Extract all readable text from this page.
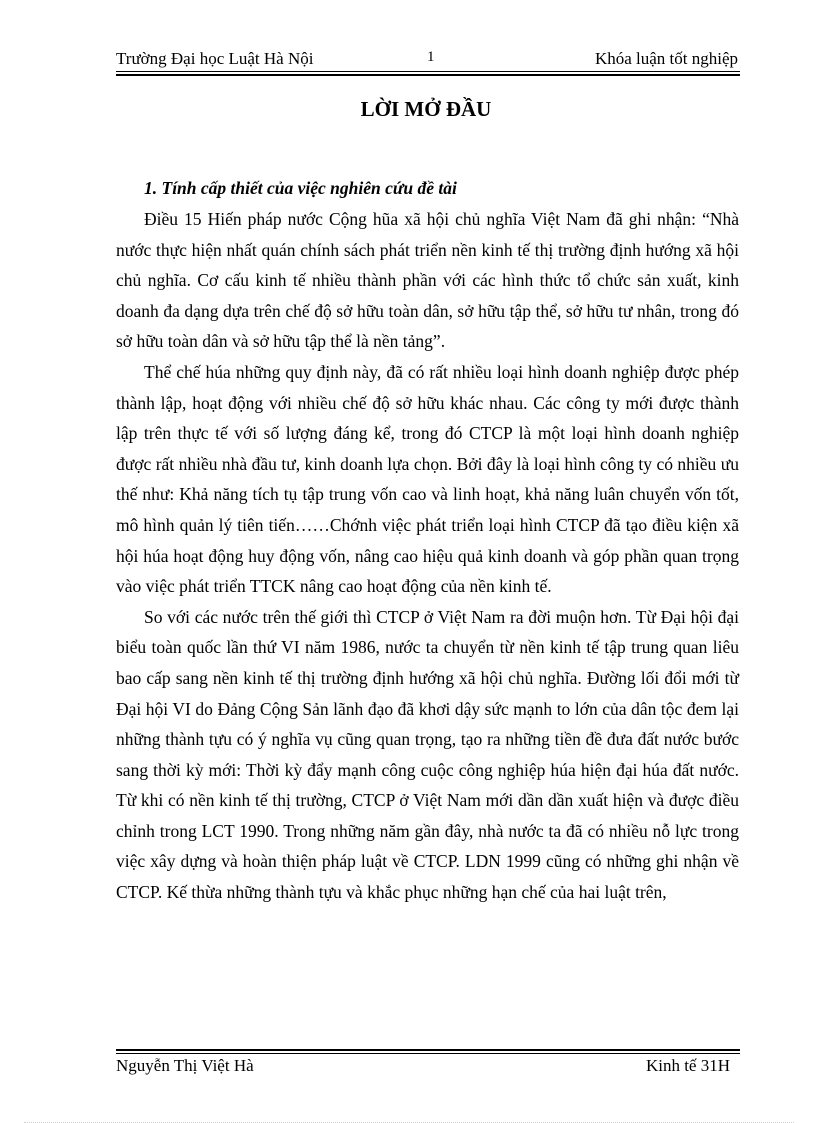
Trường Đại học Luật Hà Nội	1	Khóa luận tốt nghiệp
LỜI MỞ ĐẦU
1. Tính cấp thiết của việc nghiên cứu đề tài

Điều 15 Hiến pháp nước Cộng hũa xã hội chủ nghĩa Việt Nam đã ghi nhận: “Nhà nước thực hiện nhất quán chính sách phát triển nền kinh tế thị trường định hướng xã hội chủ nghĩa. Cơ cấu kinh tế nhiều thành phần với các hình thức tổ chức sản xuất, kinh doanh đa dạng dựa trên chế độ sở hữu toàn dân, sở hữu tập thể, sở hữu tư nhân, trong đó sở hữu toàn dân và sở hữu tập thể là nền tảng”.

Thể chế húa những quy định này, đã có rất nhiều loại hình doanh nghiệp được phép thành lập, hoạt động với nhiều chế độ sở hữu khác nhau. Các công ty mới được thành lập trên thực tế với số lượng đáng kể, trong đó CTCP là một loại hình doanh nghiệp được rất nhiều nhà đầu tư, kinh doanh lựa chọn. Bởi đây là loại hình công ty có nhiều ưu thế như: Khả năng tích tụ tập trung vốn cao và linh hoạt, khả năng luân chuyển vốn tốt, mô hình quản lý tiên tiến……Chớnh việc phát triển loại hình CTCP đã tạo điều kiện xã hội húa hoạt động huy động vốn, nâng cao hiệu quả kinh doanh và góp phần quan trọng vào việc phát triển TTCK nâng cao hoạt động của nền kinh tế.

So với các nước trên thế giới thì CTCP ở Việt Nam ra đời muộn hơn. Từ Đại hội đại biểu toàn quốc lần thứ VI năm 1986, nước ta chuyển từ nền kinh tế tập trung quan liêu bao cấp sang nền kinh tế thị trường định hướng xã hội chủ nghĩa. Đường lối đổi mới từ Đại hội VI do Đảng Cộng Sản lãnh đạo đã khơi dậy sức mạnh to lớn của dân tộc đem lại những thành tựu có ý nghĩa vụ cũng quan trọng, tạo ra những tiền đề đưa đất nước bước sang thời kỳ mới: Thời kỳ đẩy mạnh công cuộc công nghiệp húa hiện đại húa đất nước. Từ khi có nền kinh tế thị trường, CTCP ở Việt Nam mới dần dần xuất hiện và được điều chỉnh trong LCT 1990. Trong những năm gần đây, nhà nước ta đã có nhiều nỗ lực trong việc xây dựng và hoàn thiện pháp luật về CTCP. LDN 1999 cũng có những ghi nhận về CTCP. Kế thừa những thành tựu và khắc phục những hạn chế của hai luật trên,

Nguyễn Thị Việt Hà	Kinh tế 31H
